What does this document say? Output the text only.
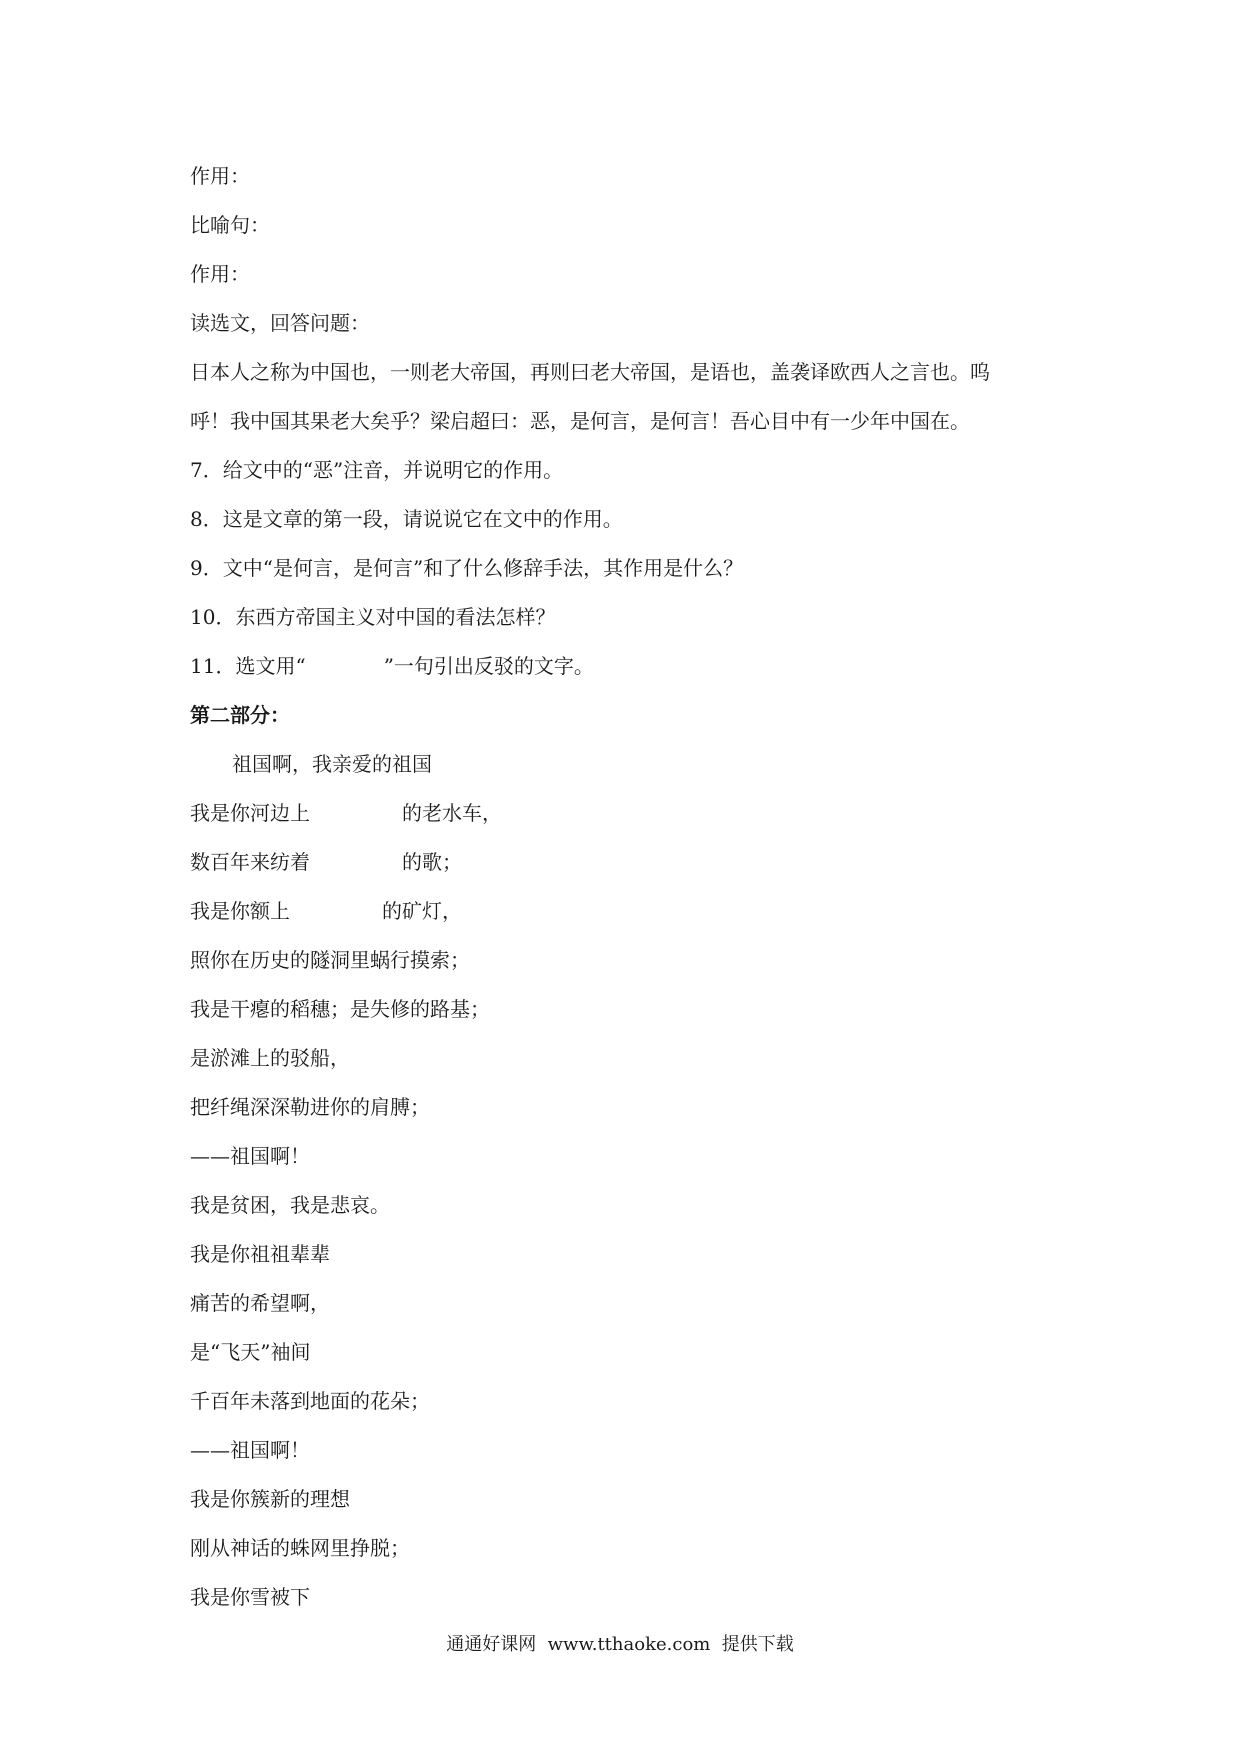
作用：
比喻句：
作用：
读选文，回答问题：
日本人之称为中国也，一则老大帝国，再则曰老大帝国，是语也，盖袭译欧西人之言也。呜
呼！我中国其果老大矣乎？梁启超曰：恶，是何言，是何言！吾心目中有一少年中国在。
7．给文中的“恶”注音，并说明它的作用。
8．这是文章的第一段，请说说它在文中的作用。
9．文中“是何言，是何言”和了什么修辞手法，其作用是什么？
10．东西方帝国主义对中国的看法怎样？
11．选文用“	”一句引出反驳的文字。
第二部分：
祖国啊，我亲爱的祖国
我是你河边上	的老水车，
数百年来纺着	的歌；
我是你额上	的矿灯，
照你在历史的隧洞里蜗行摸索；
我是干瘪的稻穗；是失修的路基；
是淤滩上的驳船，
把纤绳深深勒进你的肩膊；
——祖国啊！
我是贫困，我是悲哀。
我是你祖祖辈辈
痛苦的希望啊，
是“飞天”袖间
千百年未落到地面的花朵；
——祖国啊！
我是你簇新的理想
刚从神话的蛛网里挣脱；
我是你雪被下
通通好课网  www.tthaoke.com  提供下载
